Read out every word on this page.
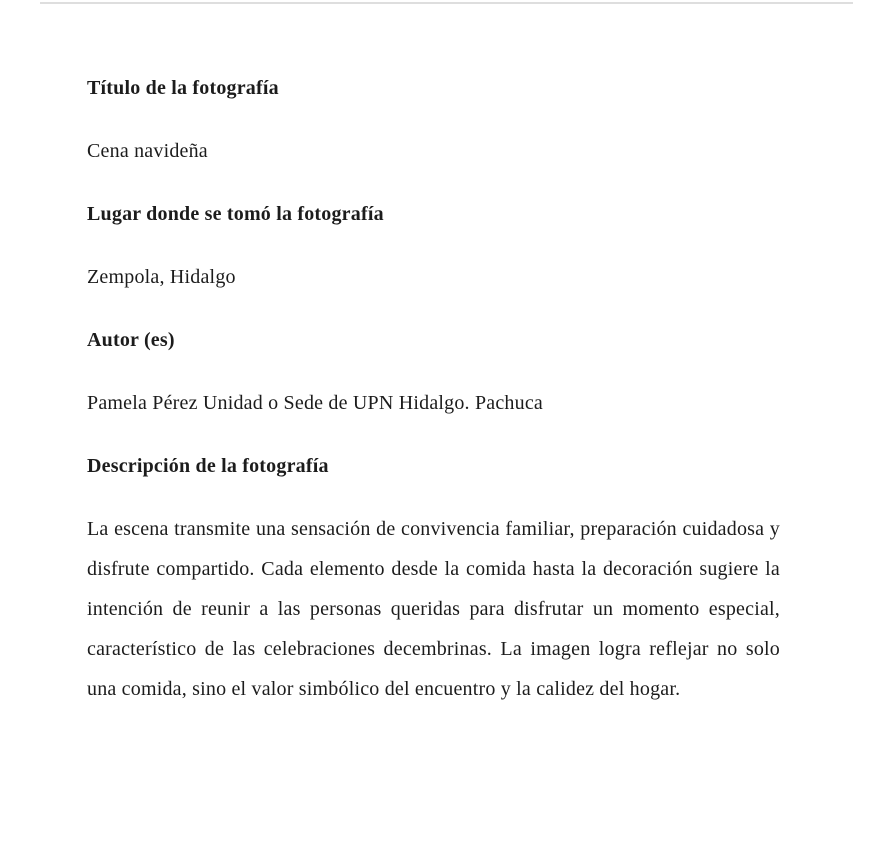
Título de la fotografía

Cena navideña

Lugar donde se tomó la fotografía

Zempola, Hidalgo

Autor (es)

Pamela Pérez Unidad o Sede de UPN Hidalgo. Pachuca

Descripción de la fotografía

La escena transmite una sensación de convivencia familiar, preparación cuidadosa y disfrute compartido. Cada elemento desde la comida hasta la decoración sugiere la intención de reunir a las personas queridas para disfrutar un momento especial, característico de las celebraciones decembrinas. La imagen logra reflejar no solo una comida, sino el valor simbólico del encuentro y la calidez del hogar.
